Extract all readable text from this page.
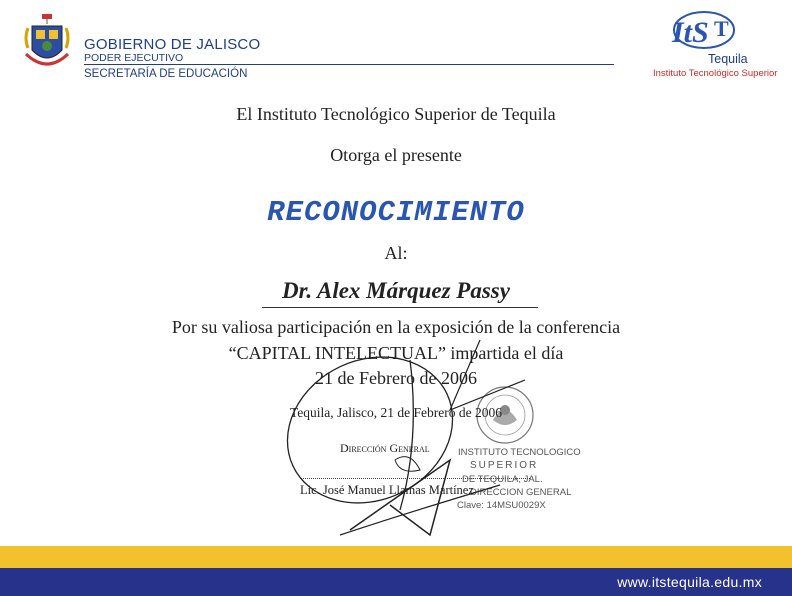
GOBIERNO DE JALISCO
PODER EJECUTIVO
SECRETARÍA DE EDUCACIÓN
ItS T
Tequila
Instituto Tecnológico Superior
El Instituto Tecnológico Superior de Tequila
Otorga el presente
RECONOCIMIENTO
Al:
Dr. Alex Márquez Passy
Por su valiosa participación en la exposición de la conferencia
“CAPITAL INTELECTUAL” impartida el día
21 de Febrero de 2006
Tequila, Jalisco, 21 de Febrero de 2006
Dirección General
Lic. José Manuel Llamas Martínez
INSTITUTO TECNOLOGICO
SUPERIOR
DE TEQUILA, JAL.
DIRECCION GENERAL
Clave: 14MSU0029X
www.itstequila.edu.mx
